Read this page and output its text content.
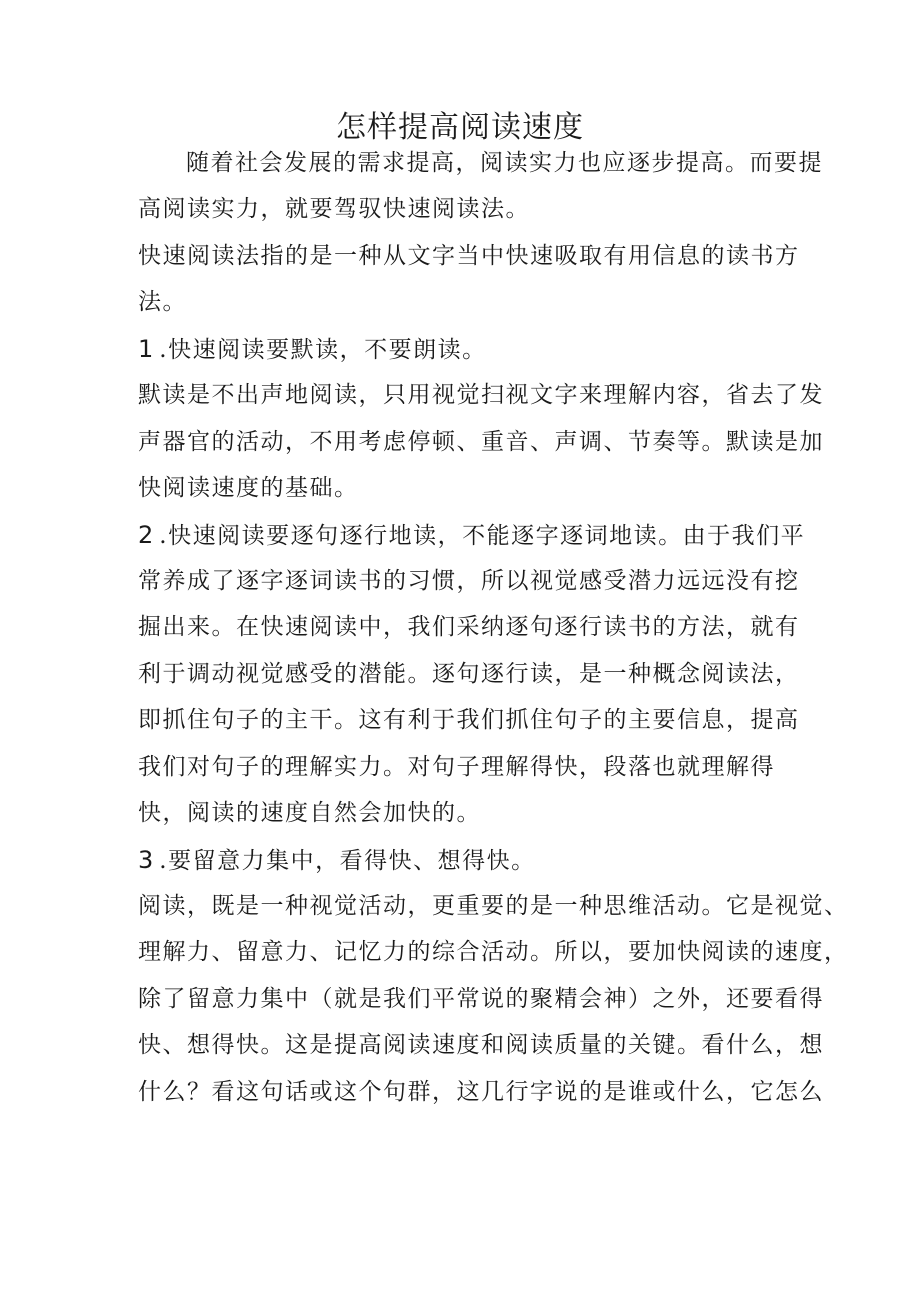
怎样提高阅读速度
随着社会发展的需求提高，阅读实力也应逐步提高。而要提
高阅读实力，就要驾驭快速阅读法。
快速阅读法指的是一种从文字当中快速吸取有用信息的读书方
法。
1 .快速阅读要默读，不要朗读。
默读是不出声地阅读，只用视觉扫视文字来理解内容，省去了发
声器官的活动，不用考虑停顿、重音、声调、节奏等。默读是加
快阅读速度的基础。
2 .快速阅读要逐句逐行地读，不能逐字逐词地读。由于我们平
常养成了逐字逐词读书的习惯，所以视觉感受潜力远远没有挖
掘出来。在快速阅读中，我们采纳逐句逐行读书的方法，就有
利于调动视觉感受的潜能。逐句逐行读，是一种概念阅读法，
即抓住句子的主干。这有利于我们抓住句子的主要信息，提高
我们对句子的理解实力。对句子理解得快，段落也就理解得
快，阅读的速度自然会加快的。
3 .要留意力集中，看得快、想得快。
阅读，既是一种视觉活动，更重要的是一种思维活动。它是视觉、
理解力、留意力、记忆力的综合活动。所以，要加快阅读的速度，
除了留意力集中（就是我们平常说的聚精会神）之外，还要看得
快、想得快。这是提高阅读速度和阅读质量的关键。看什么，想
什么？看这句话或这个句群，这几行字说的是谁或什么，它怎么
